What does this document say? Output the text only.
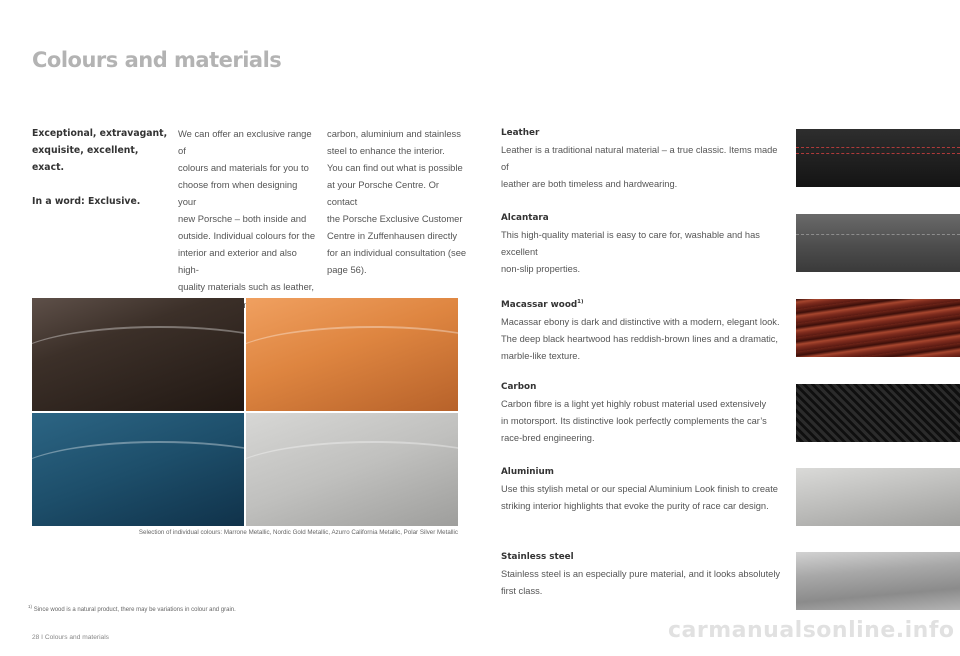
Colours and materials
Exceptional, extravagant,
exquisite, excellent, exact.
In a word: Exclusive.
We can offer an exclusive range of
colours and materials for you to
choose from when designing your
new Porsche – both inside and
outside. Individual colours for the
interior and exterior and also high-
quality materials such as leather,
carbon, aluminium and stainless
steel to enhance the interior.
You can find out what is possible
at your Porsche Centre. Or contact
the Porsche Exclusive Customer
Centre in Zuffenhausen directly
for an individual consultation (see
page 56).
Selection of individual colours: Marrone Metallic, Nordic Gold Metallic, Azurro California Metallic, Polar Silver Metallic
$^{1)}$ Since wood is a natural product, there may be variations in colour and grain.
28 I Colours and materials
Leather
Leather is a traditional natural material – a true classic. Items made of
leather are both timeless and hardwearing.
Alcantara
This high-quality material is easy to care for, washable and has excellent
non-slip properties.
Macassar wood$^{1)}$
Macassar ebony is dark and distinctive with a modern, elegant look.
The deep black heartwood has reddish-brown lines and a dramatic,
marble-like texture.
Carbon
Carbon fibre is a light yet highly robust material used extensively
in motorsport. Its distinctive look perfectly complements the car’s
race-bred engineering.
Aluminium
Use this stylish metal or our special Aluminium Look finish to create
striking interior highlights that evoke the purity of race car design.
Stainless steel
Stainless steel is an especially pure material, and it looks absolutely
first class.
carmanualsonline.info
